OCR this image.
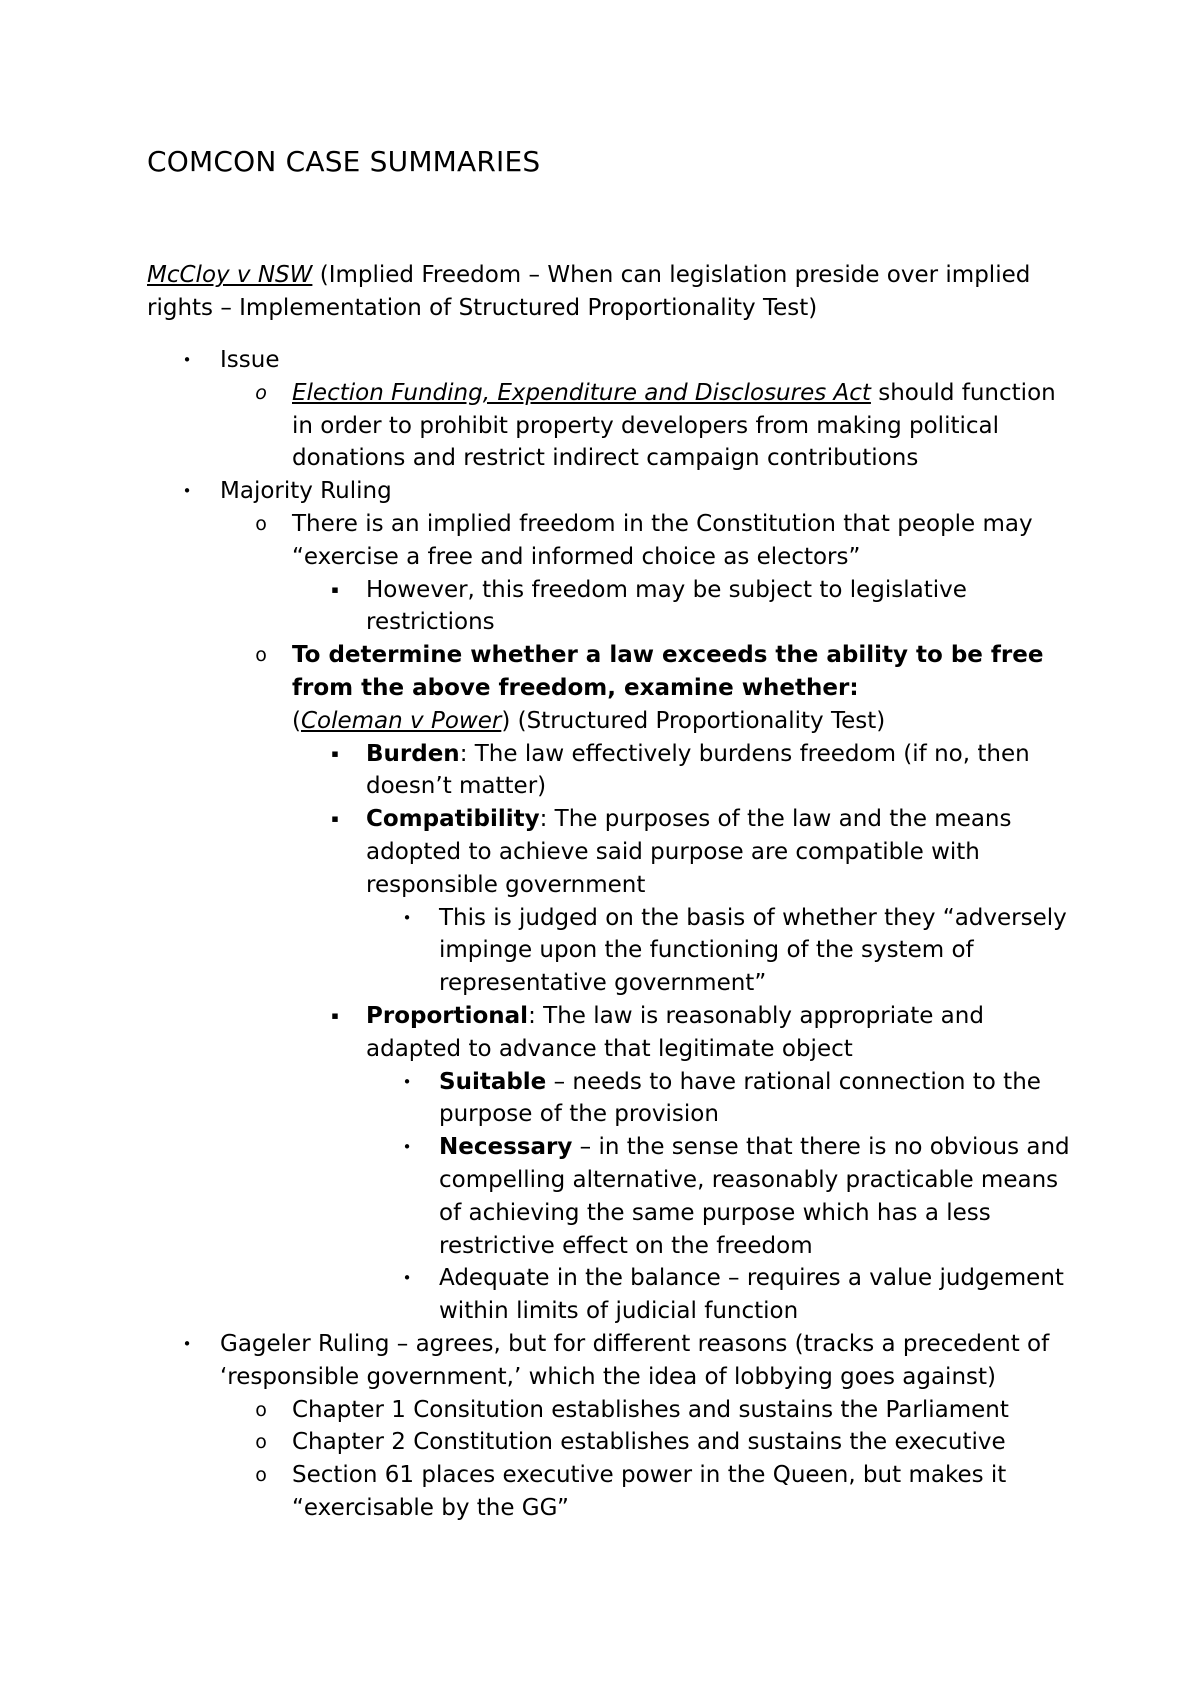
COMCON CASE SUMMARIES
McCloy v NSW (Implied Freedom – When can legislation preside over implied rights – Implementation of Structured Proportionality Test)
•	Issue
o Election Funding, Expenditure and Disclosures Act should function in order to prohibit property developers from making political donations and restrict indirect campaign contributions
•	Majority Ruling
o There is an implied freedom in the Constitution that people may “exercise a free and informed choice as electors”
▪	However, this freedom may be subject to legislative restrictions
o To determine whether a law exceeds the ability to be free from the above freedom, examine whether:
(Coleman v Power) (Structured Proportionality Test)
▪	Burden: The law effectively burdens freedom (if no, then doesn’t matter)
▪	Compatibility: The purposes of the law and the means adopted to achieve said purpose are compatible with responsible government
•	This is judged on the basis of whether they “adversely impinge upon the functioning of the system of representative government”
▪	Proportional: The law is reasonably appropriate and adapted to advance that legitimate object
•	Suitable – needs to have rational connection to the purpose of the provision
•	Necessary – in the sense that there is no obvious and compelling alternative, reasonably practicable means of achieving the same purpose which has a less restrictive effect on the freedom
•	Adequate in the balance – requires a value judgement within limits of judicial function
•	Gageler Ruling – agrees, but for different reasons (tracks a precedent of ‘responsible government,’ which the idea of lobbying goes against)
o Chapter 1 Consitution establishes and sustains the Parliament
o Chapter 2 Constitution establishes and sustains the executive
o Section 61 places executive power in the Queen, but makes it “exercisable by the GG”
